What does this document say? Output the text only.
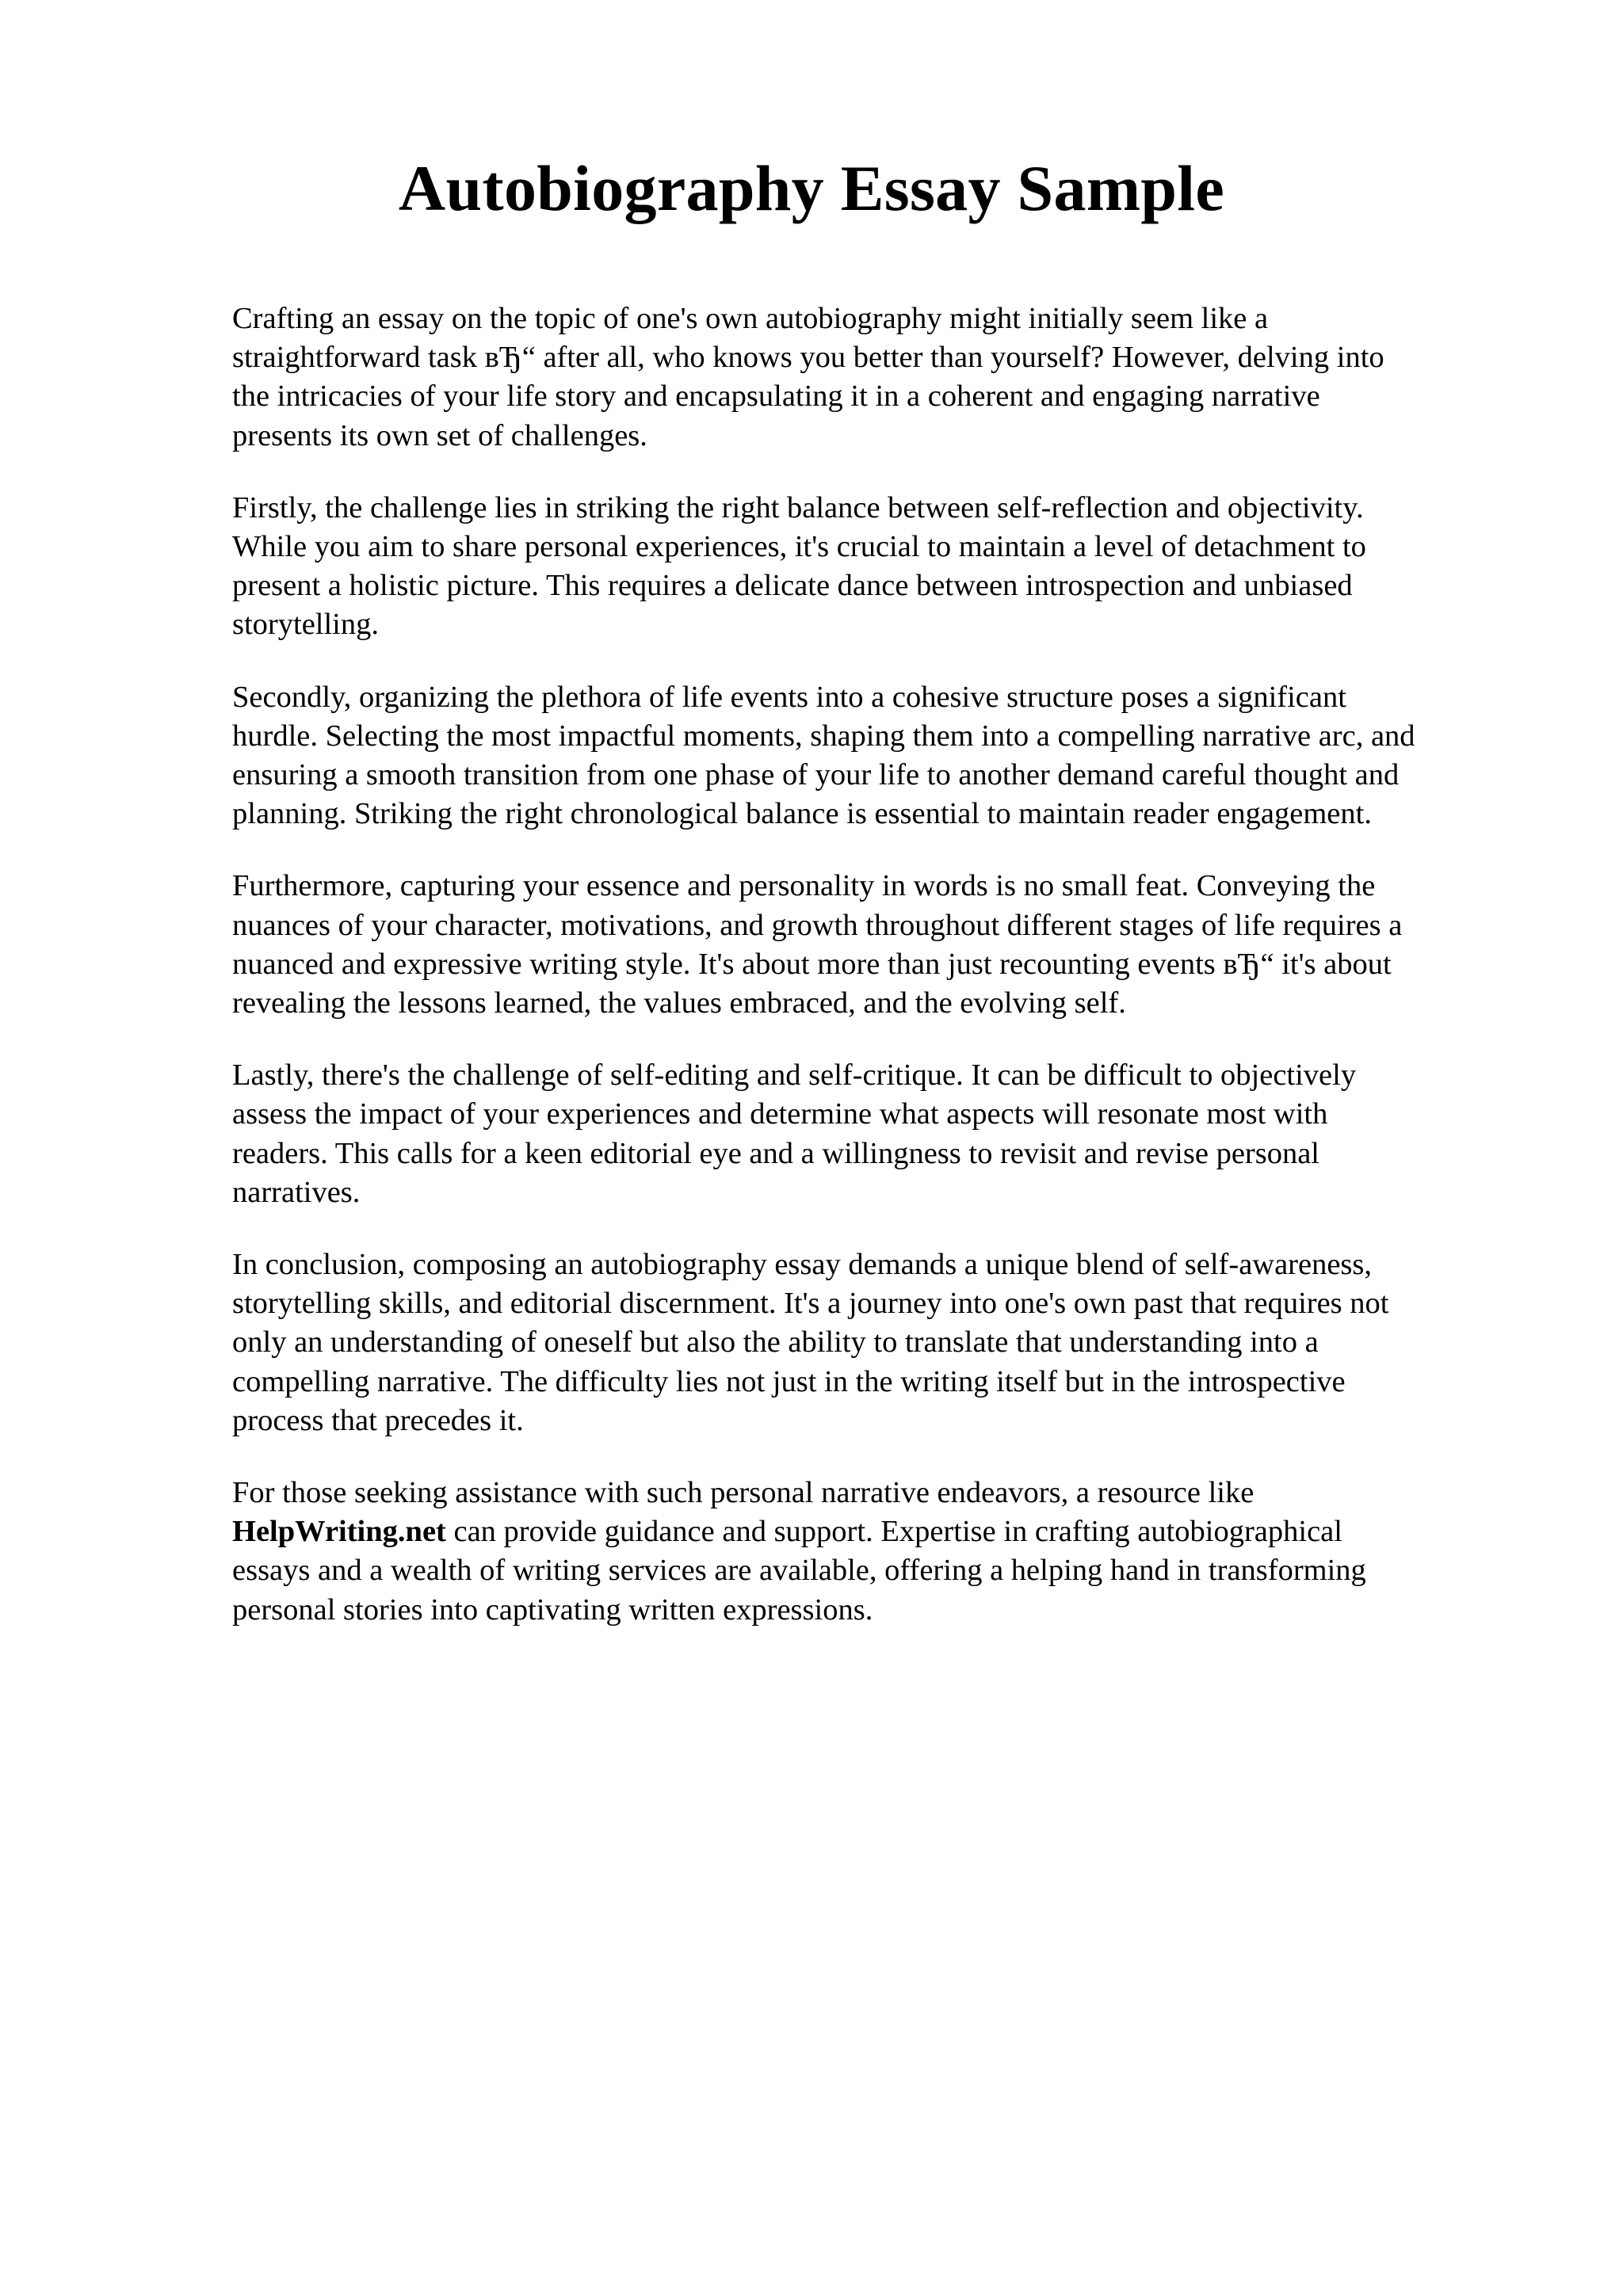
Autobiography Essay Sample

Crafting an essay on the topic of one's own autobiography might initially seem like a
straightforward task вЂ“ after all, who knows you better than yourself? However, delving into
the intricacies of your life story and encapsulating it in a coherent and engaging narrative
presents its own set of challenges.

Firstly, the challenge lies in striking the right balance between self-reflection and objectivity.
While you aim to share personal experiences, it's crucial to maintain a level of detachment to
present a holistic picture. This requires a delicate dance between introspection and unbiased
storytelling.

Secondly, organizing the plethora of life events into a cohesive structure poses a significant
hurdle. Selecting the most impactful moments, shaping them into a compelling narrative arc, and
ensuring a smooth transition from one phase of your life to another demand careful thought and
planning. Striking the right chronological balance is essential to maintain reader engagement.

Furthermore, capturing your essence and personality in words is no small feat. Conveying the
nuances of your character, motivations, and growth throughout different stages of life requires a
nuanced and expressive writing style. It's about more than just recounting events вЂ“ it's about
revealing the lessons learned, the values embraced, and the evolving self.

Lastly, there's the challenge of self-editing and self-critique. It can be difficult to objectively
assess the impact of your experiences and determine what aspects will resonate most with
readers. This calls for a keen editorial eye and a willingness to revisit and revise personal
narratives.

In conclusion, composing an autobiography essay demands a unique blend of self-awareness,
storytelling skills, and editorial discernment. It's a journey into one's own past that requires not
only an understanding of oneself but also the ability to translate that understanding into a
compelling narrative. The difficulty lies not just in the writing itself but in the introspective
process that precedes it.

For those seeking assistance with such personal narrative endeavors, a resource like
HelpWriting.net can provide guidance and support. Expertise in crafting autobiographical
essays and a wealth of writing services are available, offering a helping hand in transforming
personal stories into captivating written expressions.
